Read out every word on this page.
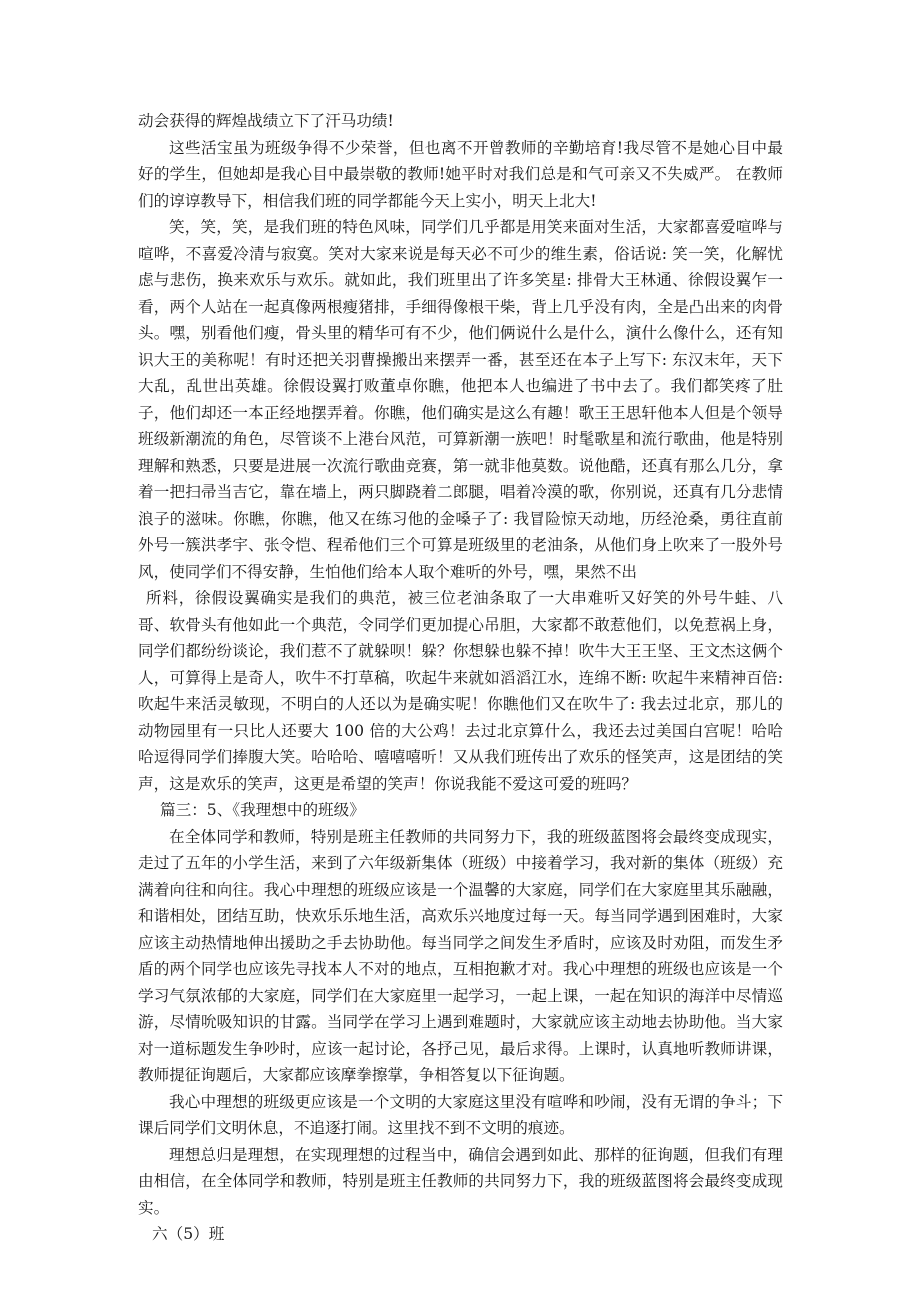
动会获得的辉煌战绩立下了汗马功绩!

这些活宝虽为班级争得不少荣誉，但也离不开曾教师的辛勤培育!我尽管不是她心目中最好的学生，但她却是我心目中最崇敬的教师!她平时对我们总是和气可亲又不失威严。 在教师们的谆谆教导下，相信我们班的同学都能今天上实小，明天上北大!

笑，笑，笑，是我们班的特色风味，同学们几乎都是用笑来面对生活，大家都喜爱喧哗与喧哗，不喜爱冷清与寂寞。笑对大家来说是每天必不可少的维生素，俗话说: 笑一笑，化解忧虑与悲伤，换来欢乐与欢乐。就如此，我们班里出了许多笑星: 排骨大王林通、徐假设翼乍一看，两个人站在一起真像两根瘦猪排，手细得像根干柴，背上几乎没有肉，全是凸出来的肉骨头。嘿，别看他们瘦，骨头里的精华可有不少，他们俩说什么是什么，演什么像什么，还有知识大王的美称呢！有时还把关羽曹操搬出来摆弄一番，甚至还在本子上写下: 东汉末年，天下大乱，乱世出英雄。徐假设翼打败董卓你瞧，他把本人也编进了书中去了。我们都笑疼了肚子，他们却还一本正经地摆弄着。你瞧，他们确实是这么有趣！歌王王思轩他本人但是个领导班级新潮流的角色，尽管谈不上港台风范，可算新潮一族吧！时髦歌星和流行歌曲，他是特别理解和熟悉，只要是进展一次流行歌曲竞赛，第一就非他莫数。说他酷，还真有那么几分，拿着一把扫帚当吉它，靠在墙上，两只脚跷着二郎腿，唱着冷漠的歌，你别说，还真有几分悲情浪子的滋味。你瞧，你瞧，他又在练习他的金嗓子了: 我冒险惊天动地，历经沧桑，勇往直前外号一簇洪孝宇、张令恺、程希他们三个可算是班级里的老油条，从他们身上吹来了一股外号风，使同学们不得安静，生怕他们给本人取个难听的外号，嘿，果然不出

所料，徐假设翼确实是我们的典范，被三位老油条取了一大串难听又好笑的外号牛蛙、八哥、软骨头有他如此一个典范，令同学们更加提心吊胆，大家都不敢惹他们，以免惹祸上身，同学们都纷纷谈论，我们惹不了就躲呗！躲？你想躲也躲不掉！吹牛大王王坚、王文杰这俩个人，可算得上是奇人，吹牛不打草稿，吹起牛来就如滔滔江水，连绵不断: 吹起牛来精神百倍: 吹起牛来活灵敏现，不明白的人还以为是确实呢！你瞧他们又在吹牛了: 我去过北京，那儿的动物园里有一只比人还要大 100 倍的大公鸡！去过北京算什么，我还去过美国白宫呢！哈哈哈逗得同学们捧腹大笑。哈哈哈、嘻嘻嘻听！又从我们班传出了欢乐的怪笑声，这是团结的笑声，这是欢乐的笑声，这更是希望的笑声！你说我能不爱这可爱的班吗？

篇三：5、《我理想中的班级》

在全体同学和教师，特别是班主任教师的共同努力下，我的班级蓝图将会最终变成现实，走过了五年的小学生活，来到了六年级新集体（班级）中接着学习，我对新的集体（班级）充满着向往和向往。我心中理想的班级应该是一个温馨的大家庭，同学们在大家庭里其乐融融，和谐相处，团结互助，快欢乐乐地生活，高欢乐兴地度过每一天。每当同学遇到困难时，大家应该主动热情地伸出援助之手去协助他。每当同学之间发生矛盾时，应该及时劝阻，而发生矛盾的两个同学也应该先寻找本人不对的地点，互相抱歉才对。我心中理想的班级也应该是一个学习气氛浓郁的大家庭，同学们在大家庭里一起学习，一起上课，一起在知识的海洋中尽情巡游，尽情吮吸知识的甘露。当同学在学习上遇到难题时，大家就应该主动地去协助他。当大家对一道标题发生争吵时，应该一起讨论，各抒己见，最后求得。上课时，认真地听教师讲课，教师提征询题后，大家都应该摩拳擦掌，争相答复以下征询题。

我心中理想的班级更应该是一个文明的大家庭这里没有喧哗和吵闹，没有无谓的争斗；下课后同学们文明休息，不追逐打闹。这里找不到不文明的痕迹。

理想总归是理想，在实现理想的过程当中，确信会遇到如此、那样的征询题，但我们有理由相信，在全体同学和教师，特别是班主任教师的共同努力下，我的班级蓝图将会最终变成现实。

六（5）班
